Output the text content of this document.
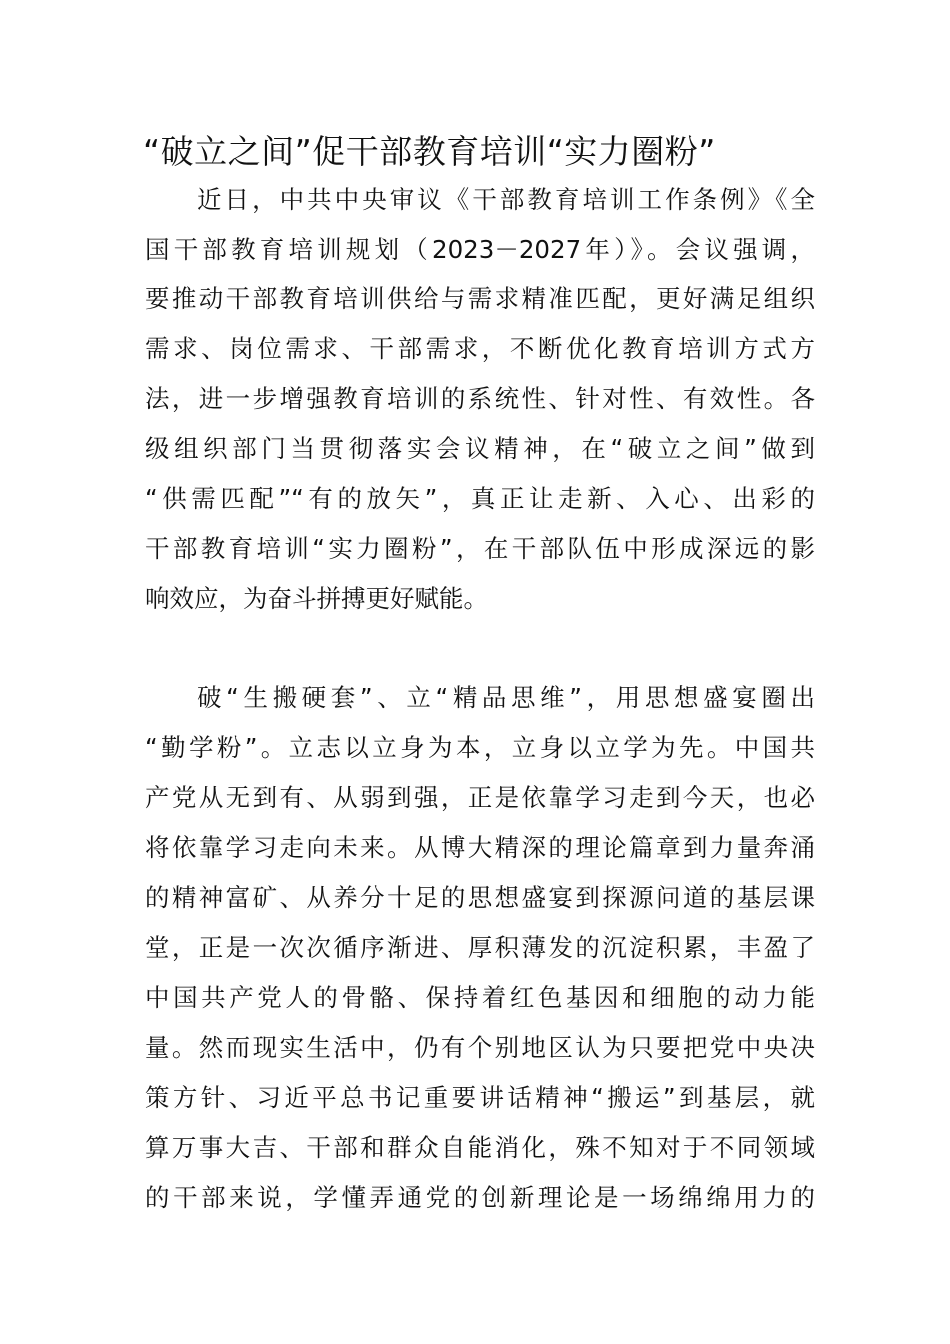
“破立之间”促干部教育培训“实力圈粉”

近日，中共中央审议《干部教育培训工作条例》《全

国干部教育培训规划（2023－2027年）》。会议强调，

要推动干部教育培训供给与需求精准匹配，更好满足组织

需求、岗位需求、干部需求，不断优化教育培训方式方

法，进一步增强教育培训的系统性、针对性、有效性。各

级组织部门当贯彻落实会议精神，在“破立之间”做到

“供需匹配”“有的放矢”，真正让走新、入心、出彩的

干部教育培训“实力圈粉”，在干部队伍中形成深远的影

响效应，为奋斗拼搏更好赋能。

破“生搬硬套”、立“精品思维”，用思想盛宴圈出

“勤学粉”。立志以立身为本，立身以立学为先。中国共

产党从无到有、从弱到强，正是依靠学习走到今天，也必

将依靠学习走向未来。从博大精深的理论篇章到力量奔涌

的精神富矿、从养分十足的思想盛宴到探源问道的基层课

堂，正是一次次循序渐进、厚积薄发的沉淀积累，丰盈了

中国共产党人的骨骼、保持着红色基因和细胞的动力能

量。然而现实生活中，仍有个别地区认为只要把党中央决

策方针、习近平总书记重要讲话精神“搬运”到基层，就

算万事大吉、干部和群众自能消化，殊不知对于不同领域

的干部来说，学懂弄通党的创新理论是一场绵绵用力的
